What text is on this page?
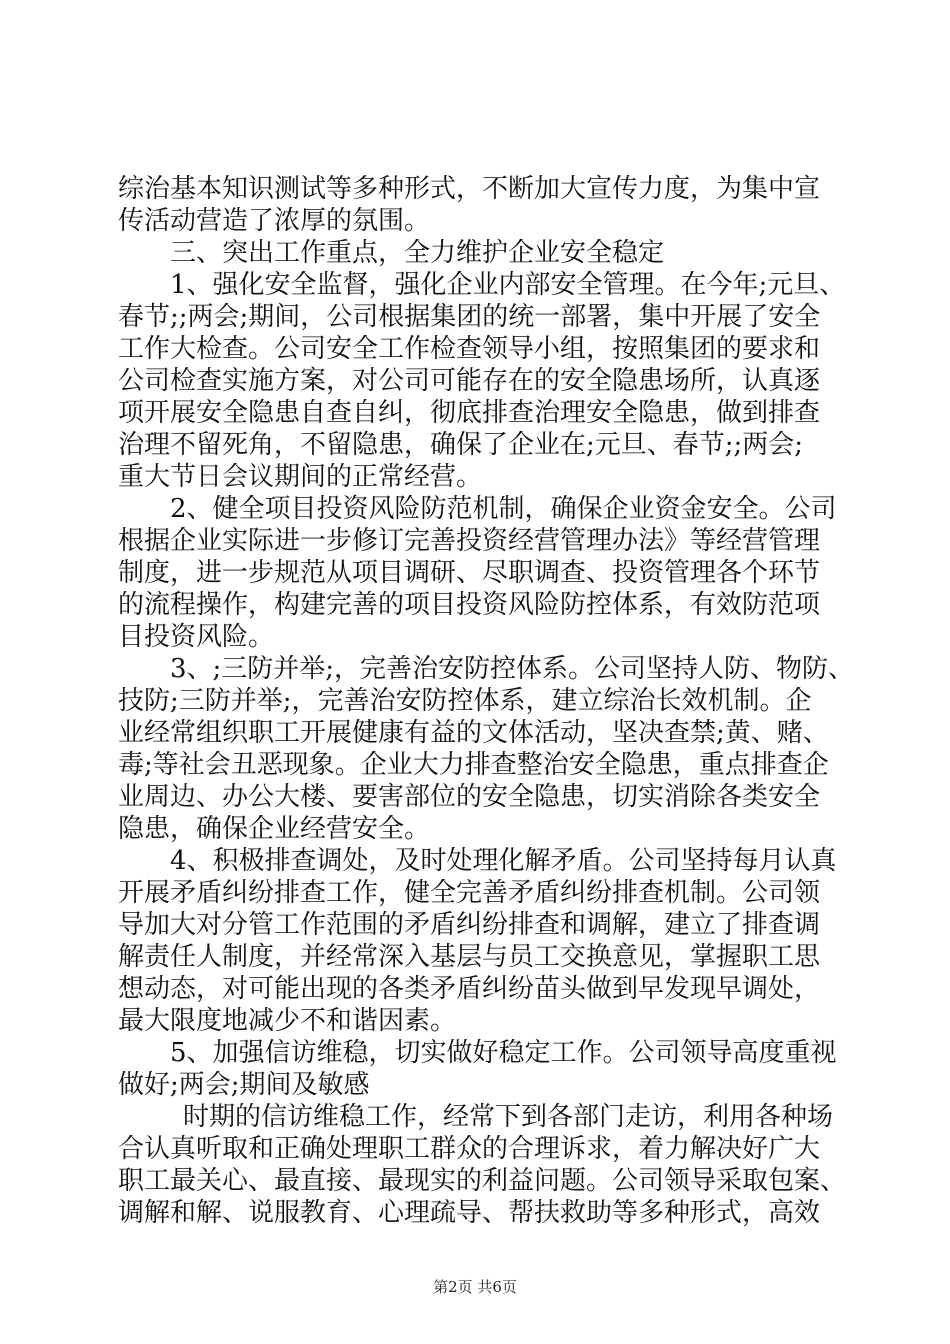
综治基本知识测试等多种形式，不断加大宣传力度，为集中宣
传活动营造了浓厚的氛围。
三、突出工作重点，全力维护企业安全稳定
1、强化安全监督，强化企业内部安全管理。在今年;元旦、
春节;;两会;期间，公司根据集团的统一部署，集中开展了安全
工作大检查。公司安全工作检查领导小组，按照集团的要求和
公司检查实施方案，对公司可能存在的安全隐患场所，认真逐
项开展安全隐患自查自纠，彻底排查治理安全隐患，做到排查
治理不留死角，不留隐患，确保了企业在;元旦、春节;;两会;
重大节日会议期间的正常经营。
2、健全项目投资风险防范机制，确保企业资金安全。公司
根据企业实际进一步修订完善投资经营管理办法》等经营管理
制度，进一步规范从项目调研、尽职调查、投资管理各个环节
的流程操作，构建完善的项目投资风险防控体系，有效防范项
目投资风险。
3、;三防并举;，完善治安防控体系。公司坚持人防、物防、
技防;三防并举;，完善治安防控体系，建立综治长效机制。企
业经常组织职工开展健康有益的文体活动，坚决查禁;黄、赌、
毒;等社会丑恶现象。企业大力排查整治安全隐患，重点排查企
业周边、办公大楼、要害部位的安全隐患，切实消除各类安全
隐患，确保企业经营安全。
4、积极排查调处，及时处理化解矛盾。公司坚持每月认真
开展矛盾纠纷排查工作，健全完善矛盾纠纷排查机制。公司领
导加大对分管工作范围的矛盾纠纷排查和调解，建立了排查调
解责任人制度，并经常深入基层与员工交换意见，掌握职工思
想动态，对可能出现的各类矛盾纠纷苗头做到早发现早调处，
最大限度地减少不和谐因素。
5、加强信访维稳，切实做好稳定工作。公司领导高度重视
做好;两会;期间及敏感
时期的信访维稳工作，经常下到各部门走访，利用各种场
合认真听取和正确处理职工群众的合理诉求，着力解决好广大
职工最关心、最直接、最现实的利益问题。公司领导采取包案、
调解和解、说服教育、心理疏导、帮扶救助等多种形式，高效
第2页 共6页
